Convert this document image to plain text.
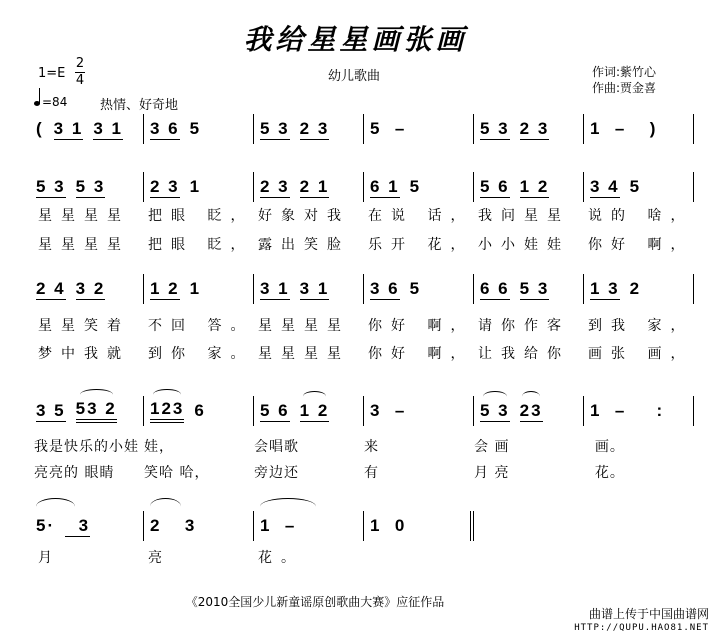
我给星星画张画
1=E
2
4
=84	热情、好奇地
幼儿歌曲	作词:紫竹心
作曲:贾金喜
( 3 1 3 1 3 6 5	5 3 2 3 5  –	5 3 2 3 1  – )
5 3 5 3	2 3 1	2 3 2 1 6 1 5	5 6 1 2 3 4 5
2 4 3 2	1 2 1	3 1 3 1 3 6 5	6 6 5 3 1 3 2
3 5 53 2 123 6	5 6 1 2 3  –	5 3 23	1  – :
5· 3	2 3	1  –	1  0
星星星星	把眼 眨， 好象对我	在说 话， 我问星星	说的 啥，
星星星星	把眼 眨， 露出笑脸	乐开 花， 小小娃娃	你好 啊，
星星笑着	不回 答。 星星星星	你好 啊， 请你作客	到我 家，
梦中我就	到你 家。 星星星星	你好 啊， 让我给你	画张 画，
我是快乐的小娃 娃，	会唱歌	来	会 画	画。
亮亮的 眼睛	笑哈 哈，	旁边还	有	月 亮	花。
月	亮	花。
《2010全国少儿新童谣原创歌曲大赛》应征作品
曲谱上传于中国曲谱网
HTTP://QUPU.HAO81.NET
